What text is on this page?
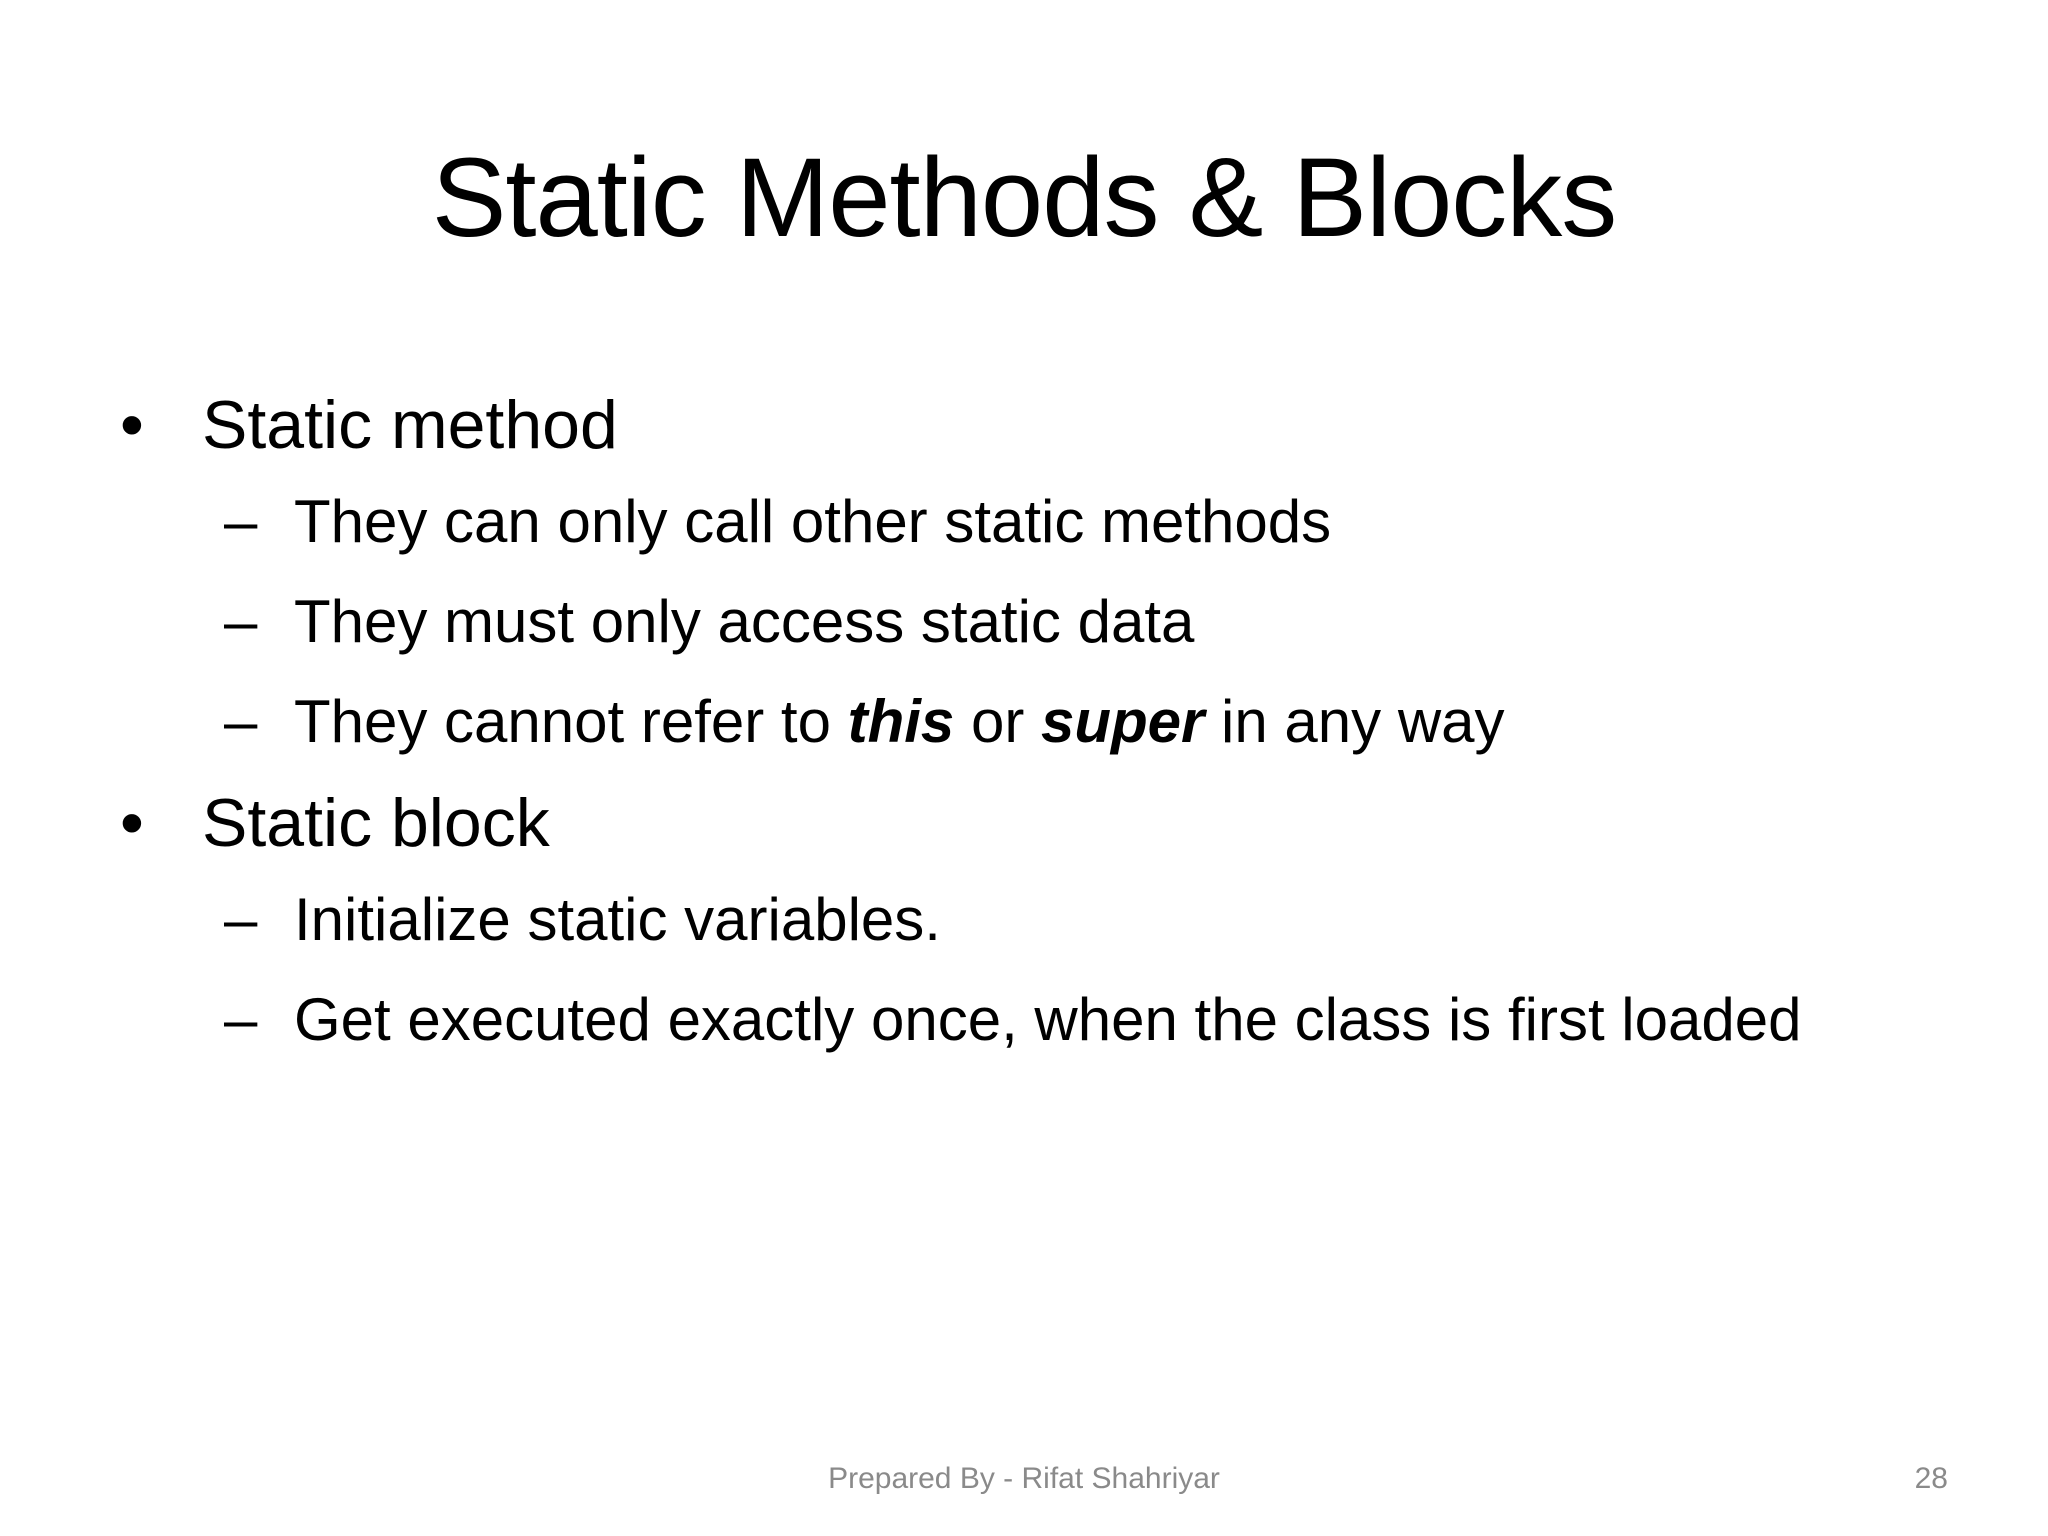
Static Methods & Blocks
• Static method
– They can only call other static methods
– They must only access static data
– They cannot refer to this or super in any way
• Static block
– Initialize static variables.
– Get executed exactly once, when the class is first loaded
Prepared By - Rifat Shahriyar	28
